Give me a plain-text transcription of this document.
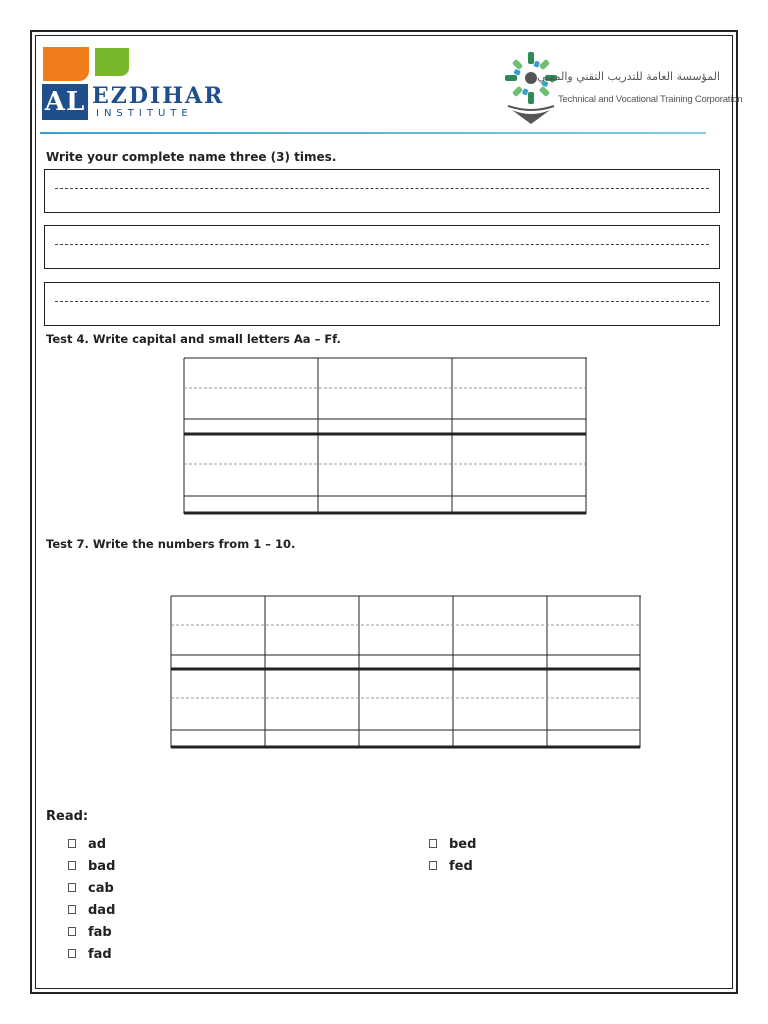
AL EZDIHAR
INSTITUTE
المؤسسة العامة للتدريب التقني والمهني
Technical and Vocational Training Corporation
Write your complete name three (3) times.
Test 4. Write capital and small letters Aa – Ff.
Test 7. Write the numbers from 1 – 10.
Read:
ad
bad
cab
dad
fab
fad
bed
fed
